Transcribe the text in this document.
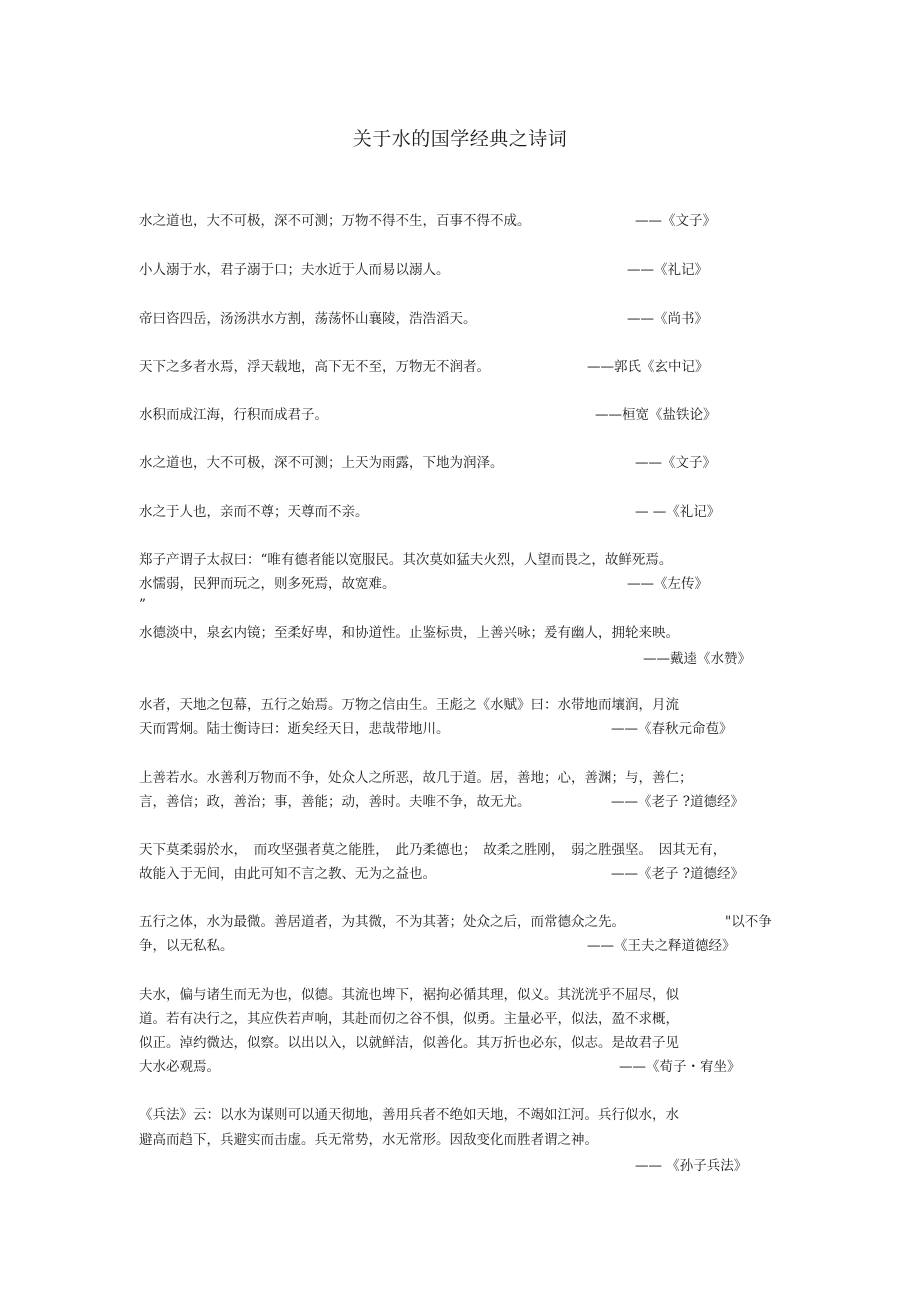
关于水的国学经典之诗词
水之道也，大不可极，深不可测；万物不得不生，百事不得不成。	——《文子》
小人溺于水，君子溺于口；夫水近于人而易以溺人。	——《礼记》
帝曰咨四岳，汤汤洪水方割，荡荡怀山襄陵，浩浩滔天。	——《尚书》
天下之多者水焉，浮天载地，高下无不至，万物无不润者。	——郭氏《玄中记》
水积而成江海，行积而成君子。	——桓宽《盐铁论》
水之道也，大不可极，深不可测；上天为雨露，下地为润泽。	——《文子》
水之于人也，亲而不尊；天尊而不亲。	— —《礼记》
郑子产谓子太叔曰：“唯有德者能以宽服民。其次莫如猛夫火烈，人望而畏之，故鲜死焉。
水懦弱，民狎而玩之，则多死焉，故宽难。	——《左传》
”
水德淡中，泉玄内镜；至柔好卑，和协道性。止鉴标贵，上善兴咏；爰有幽人，拥轮来映。
——戴逵《水赞》
水者，天地之包幕，五行之始焉。万物之信由生。王彪之《水赋》曰：水带地而壤润，月流
天而霄炯。陆士衡诗曰：逝矣经天日，悲哉带地川。	——《春秋元命苞》
上善若水。水善利万物而不争，处众人之所恶，故几于道。居，善地；心，善渊；与，善仁；
言，善信；政，善治；事，善能；动，善时。夫唯不争，故无尤。	——《老子 ?道德经》
天下莫柔弱於水，　而攻坚强者莫之能胜，　此乃柔德也；　故柔之胜刚，　弱之胜强坚。　因其无有，
故能入于无间，由此可知不言之教、无为之益也。	——《老子 ?道德经》
五行之体，水为最微。善居道者，为其微，不为其著；处众之后，而常德众之先。	"以不争
争，以无私私。	——《王夫之释道德经》
夫水，偏与诸生而无为也，似德。其流也埤下，裾拘必循其理，似义。其洸洸乎不屈尽，似
道。若有决行之，其应佚若声响，其赴而仞之谷不惧，似勇。主量必平，似法，盈不求概，
似正。淖约微达，似察。以出以入，以就鲜洁，似善化。其万折也必东，似志。是故君子见
大水必观焉。	——《荀子・宥坐》
《兵法》云：以水为谋则可以通天彻地，善用兵者不绝如天地，不竭如江河。兵行似水，水
避高而趋下，兵避实而击虚。兵无常势，水无常形。因敌变化而胜者谓之神。
—— 《孙子兵法》
